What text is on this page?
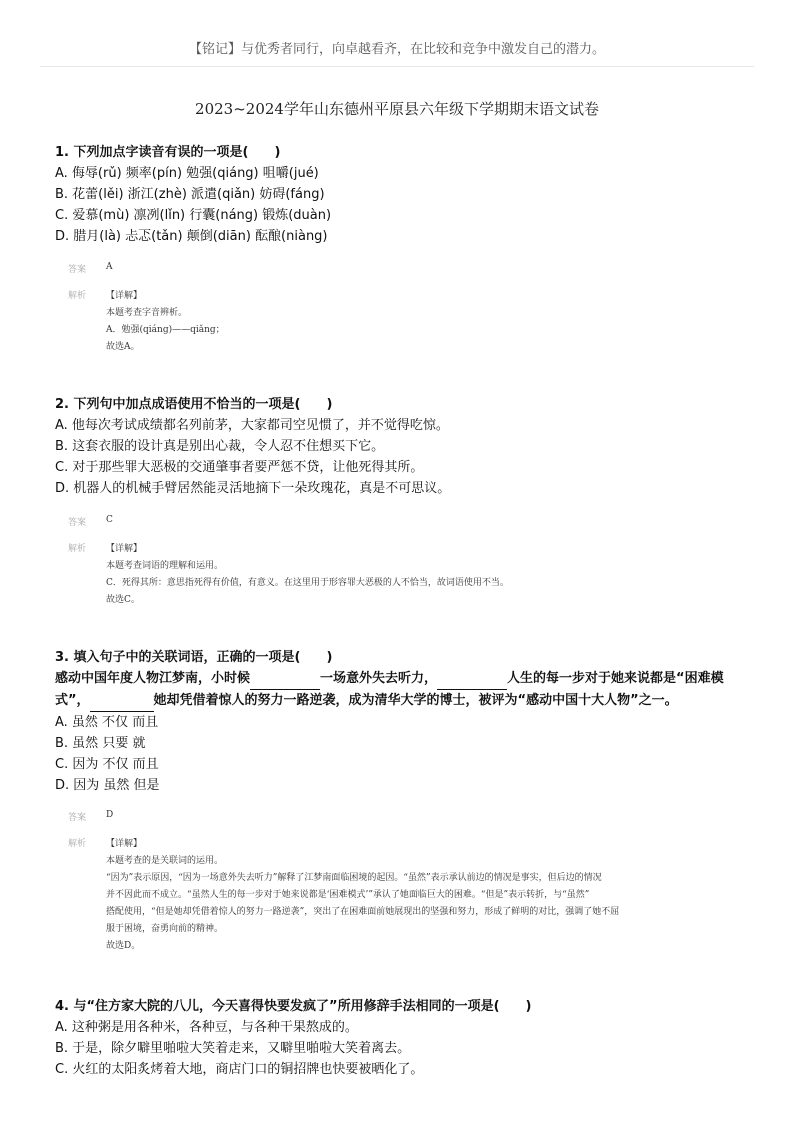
【铭记】与优秀者同行，向卓越看齐，在比较和竞争中激发自己的潜力。
2023~2024学年山东德州平原县六年级下学期期末语文试卷

1. 下列加点字读音有误的一项是(　　)

A. 侮辱(rǔ) 频率(pín) 勉强(qiáng) 咀嚼(jué)

B. 花蕾(lěi) 浙江(zhè) 派遣(qiǎn) 妨碍(fáng)

C. 爱慕(mù) 凛冽(lǐn) 行囊(náng) 锻炼(duàn)

D. 腊月(là) 忐忑(tǎn) 颠倒(diān) 酝酿(niàng)

答案	A
解析	【详解】

本题考查字音辨析。

A．勉强(qiáng)——qiǎng；

故选A。

2. 下列句中加点成语使用不恰当的一项是(　　)

A. 他每次考试成绩都名列前茅，大家都司空见惯了，并不觉得吃惊。

B. 这套衣服的设计真是别出心裁，令人忍不住想买下它。

C. 对于那些罪大恶极的交通肇事者要严惩不贷，让他死得其所。

D. 机器人的机械手臂居然能灵活地摘下一朵玫瑰花，真是不可思议。

答案	C
解析	【详解】

本题考查词语的理解和运用。

C．死得其所：意思指死得有价值，有意义。在这里用于形容罪大恶极的人不恰当，故词语使用不当。

故选C。

3. 填入句子中的关联词语，正确的一项是(　　)

感动中国年度人物江梦南，小时候	一场意外失去听力，	人生的每一步对于她来说都是“困难模

式”，	她却凭借着惊人的努力一路逆袭，成为清华大学的博士，被评为“感动中国十大人物”之一。

A. 虽然 不仅 而且

B. 虽然 只要 就

C. 因为 不仅 而且

D. 因为 虽然 但是

答案	D
解析	【详解】

本题考查的是关联词的运用。

“因为”表示原因，“因为一场意外失去听力”解释了江梦南面临困境的起因。“虽然”表示承认前边的情况是事实，但后边的情况

并不因此而不成立。“虽然人生的每一步对于她来说都是‘困难模式’”承认了她面临巨大的困难。“但是”表示转折，与“虽然”

搭配使用，“但是她却凭借着惊人的努力一路逆袭”，突出了在困难面前她展现出的坚强和努力，形成了鲜明的对比，强调了她不屈

服于困境，奋勇向前的精神。

故选D。

4. 与“住方家大院的八儿，今天喜得快要发疯了”所用修辞手法相同的一项是(　　)

A. 这种粥是用各种米，各种豆，与各种干果熬成的。

B. 于是，除夕噼里啪啦大笑着走来，又噼里啪啦大笑着离去。

C. 火红的太阳炙烤着大地，商店门口的铜招牌也快要被晒化了。
